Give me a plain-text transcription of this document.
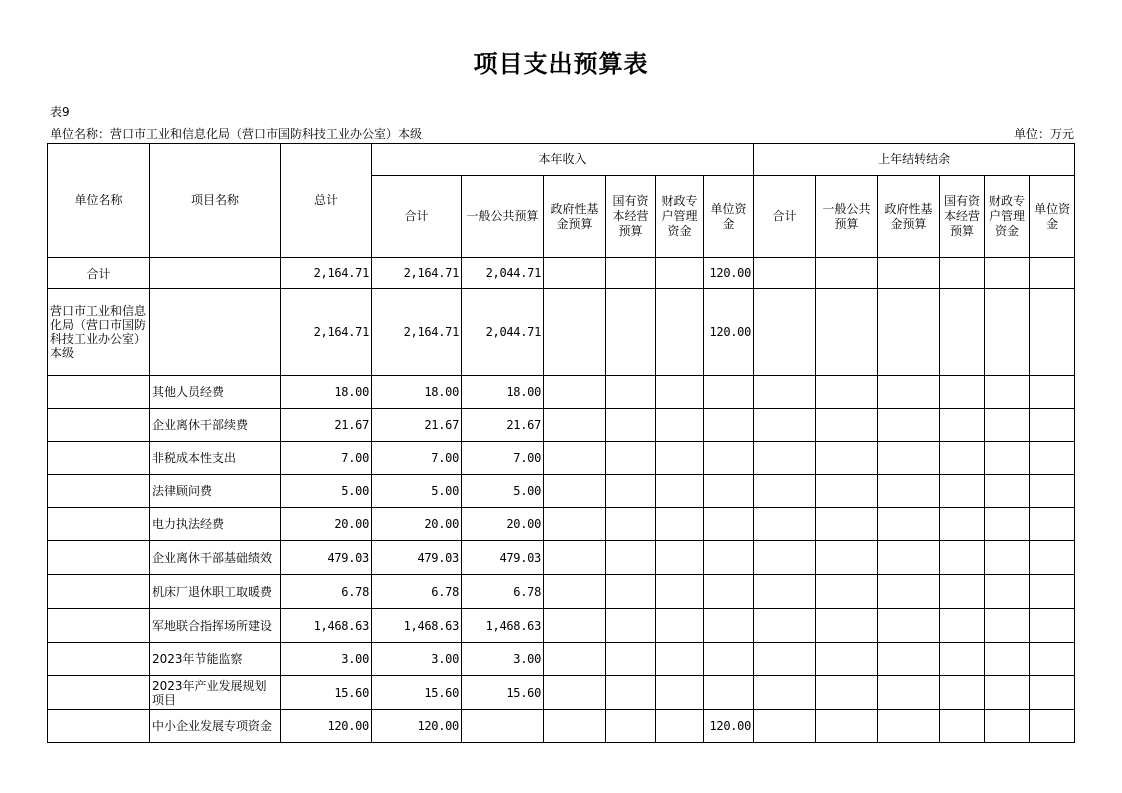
项目支出预算表
表9
单位名称：营口市工业和信息化局（营口市国防科技工业办公室）本级	单位：万元
单位名称	项目名称	总计	本年收入						上年结转结余					
			合计	一般公共预算	政府性基金预算	国有资本经营预算	财政专户管理资金	单位资金	合计	一般公共预算	政府性基金预算	国有资本经营预算	财政专户管理资金	单位资金
合计		2,164.71	2,164.71	2,044.71				120.00						
营口市工业和信息化局（营口市国防科技工业办公室）本级		2,164.71	2,164.71	2,044.71				120.00						
	其他人员经费	18.00	18.00	18.00										
	企业离休干部续费	21.67	21.67	21.67										
	非税成本性支出	7.00	7.00	7.00										
	法律顾问费	5.00	5.00	5.00										
	电力执法经费	20.00	20.00	20.00										
	企业离休干部基础绩效	479.03	479.03	479.03										
	机床厂退休职工取暖费	6.78	6.78	6.78										
	军地联合指挥场所建设	1,468.63	1,468.63	1,468.63										
	2023年节能监察	3.00	3.00	3.00										
	2023年产业发展规划项目	15.60	15.60	15.60										
	中小企业发展专项资金	120.00	120.00					120.00						
